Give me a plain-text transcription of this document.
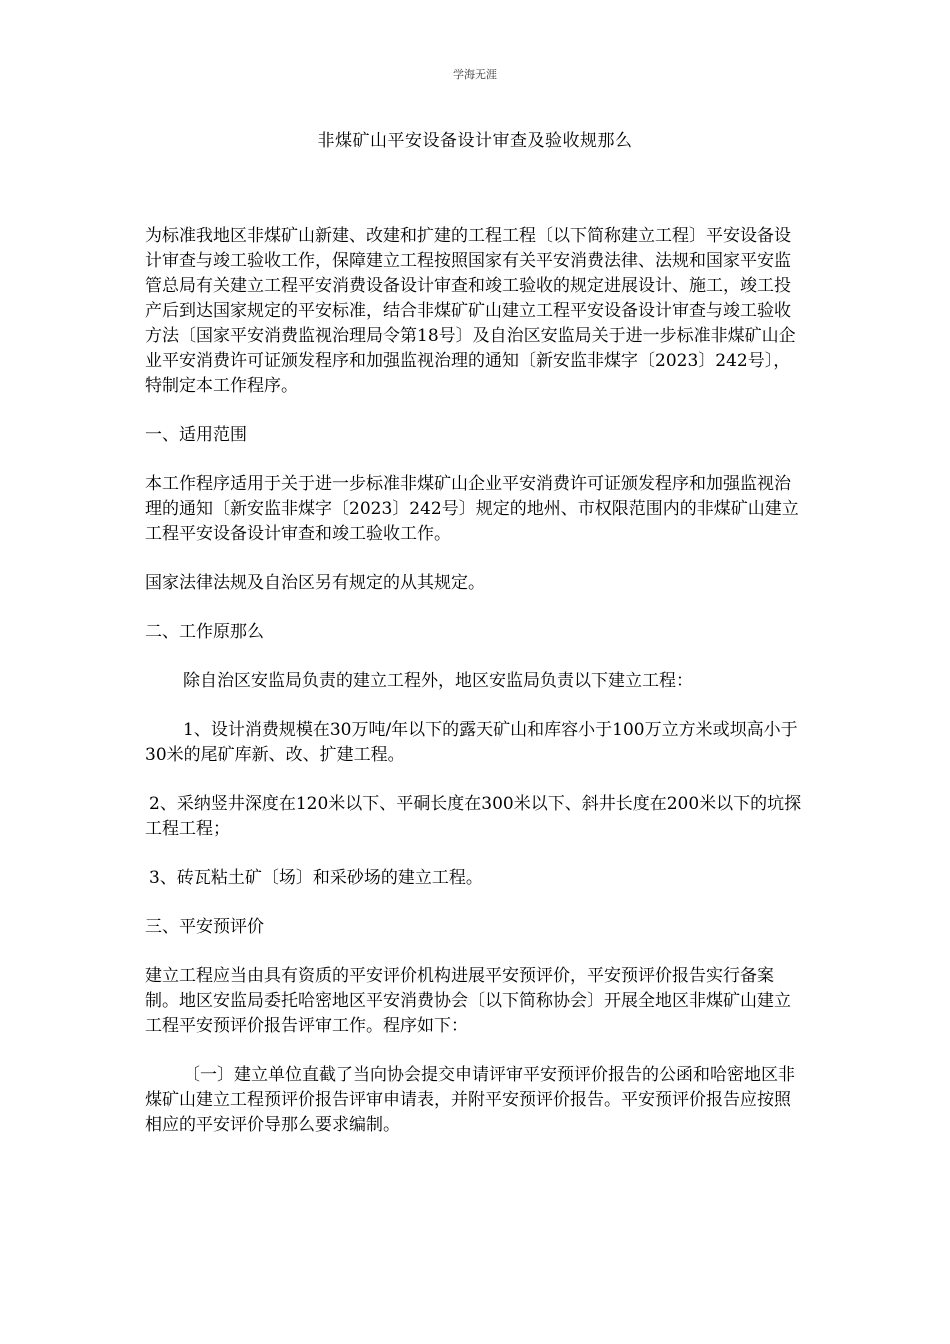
学海无涯
非煤矿山平安设备设计审查及验收规那么

为标准我地区非煤矿山新建、改建和扩建的工程工程〔以下简称建立工程〕平安设备设计审查与竣工验收工作，保障建立工程按照国家有关平安消费法律、法规和国家平安监管总局有关建立工程平安消费设备设计审查和竣工验收的规定进展设计、施工，竣工投产后到达国家规定的平安标准，结合非煤矿矿山建立工程平安设备设计审查与竣工验收方法〔国家平安消费监视治理局令第18号〕及自治区安监局关于进一步标准非煤矿山企业平安消费许可证颁发程序和加强监视治理的通知〔新安监非煤字〔2023〕242号〕，特制定本工作程序。

一、适用范围

本工作程序适用于关于进一步标准非煤矿山企业平安消费许可证颁发程序和加强监视治理的通知〔新安监非煤字〔2023〕242号〕规定的地州、市权限范围内的非煤矿山建立工程平安设备设计审查和竣工验收工作。

国家法律法规及自治区另有规定的从其规定。

二、工作原那么

除自治区安监局负责的建立工程外，地区安监局负责以下建立工程：

1、设计消费规模在30万吨/年以下的露天矿山和库容小于100万立方米或坝高小于30米的尾矿库新、改、扩建工程。

2、采纳竖井深度在120米以下、平硐长度在300米以下、斜井长度在200米以下的坑探工程工程；

3、砖瓦粘土矿〔场〕和采砂场的建立工程。

三、平安预评价

建立工程应当由具有资质的平安评价机构进展平安预评价，平安预评价报告实行备案制。地区安监局委托哈密地区平安消费协会〔以下简称协会〕开展全地区非煤矿山建立工程平安预评价报告评审工作。程序如下：

〔一〕建立单位直截了当向协会提交申请评审平安预评价报告的公函和哈密地区非煤矿山建立工程预评价报告评审申请表，并附平安预评价报告。平安预评价报告应按照相应的平安评价导那么要求编制。
